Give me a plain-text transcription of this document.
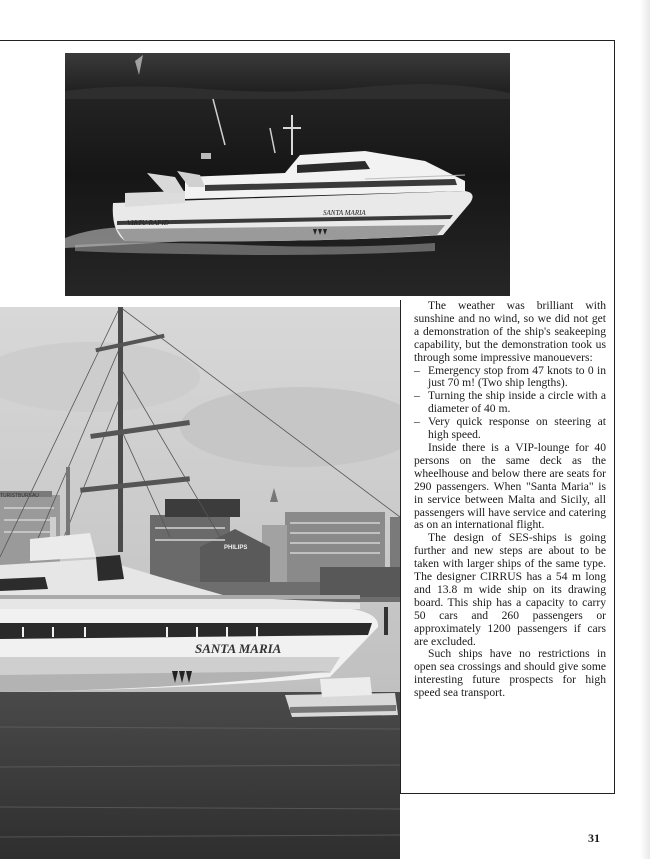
VIRTU RAPID
SANTA MARIA
PHILIPS
TURISTBUREAU
SANTA MARIA

The weather was brilliant with sunshine and no wind, so we did not get a demonstration of the ship's seakeeping capability, but the demonstration took us through some impressive manouevers:

– Emergency stop from 47 knots to 0 in just 70 m! (Two ship lengths).
– Turning the ship inside a circle with a diameter of 40 m.
– Very quick response on steering at high speed.

Inside there is a VIP-lounge for 40 persons on the same deck as the wheelhouse and below there are seats for 290 passengers. When "Santa Maria" is in service between Malta and Sicily, all passengers will have service and catering as on an international flight.

The design of SES-ships is going further and new steps are about to be taken with larger ships of the same type. The designer CIRRUS has a 54 m long and 13.8 m wide ship on its drawing board. This ship has a capacity to carry 50 cars and 260 passengers or approximately 1200 passengers if cars are excluded.

Such ships have no restrictions in open sea crossings and should give some interesting future prospects for high speed sea transport.

31
